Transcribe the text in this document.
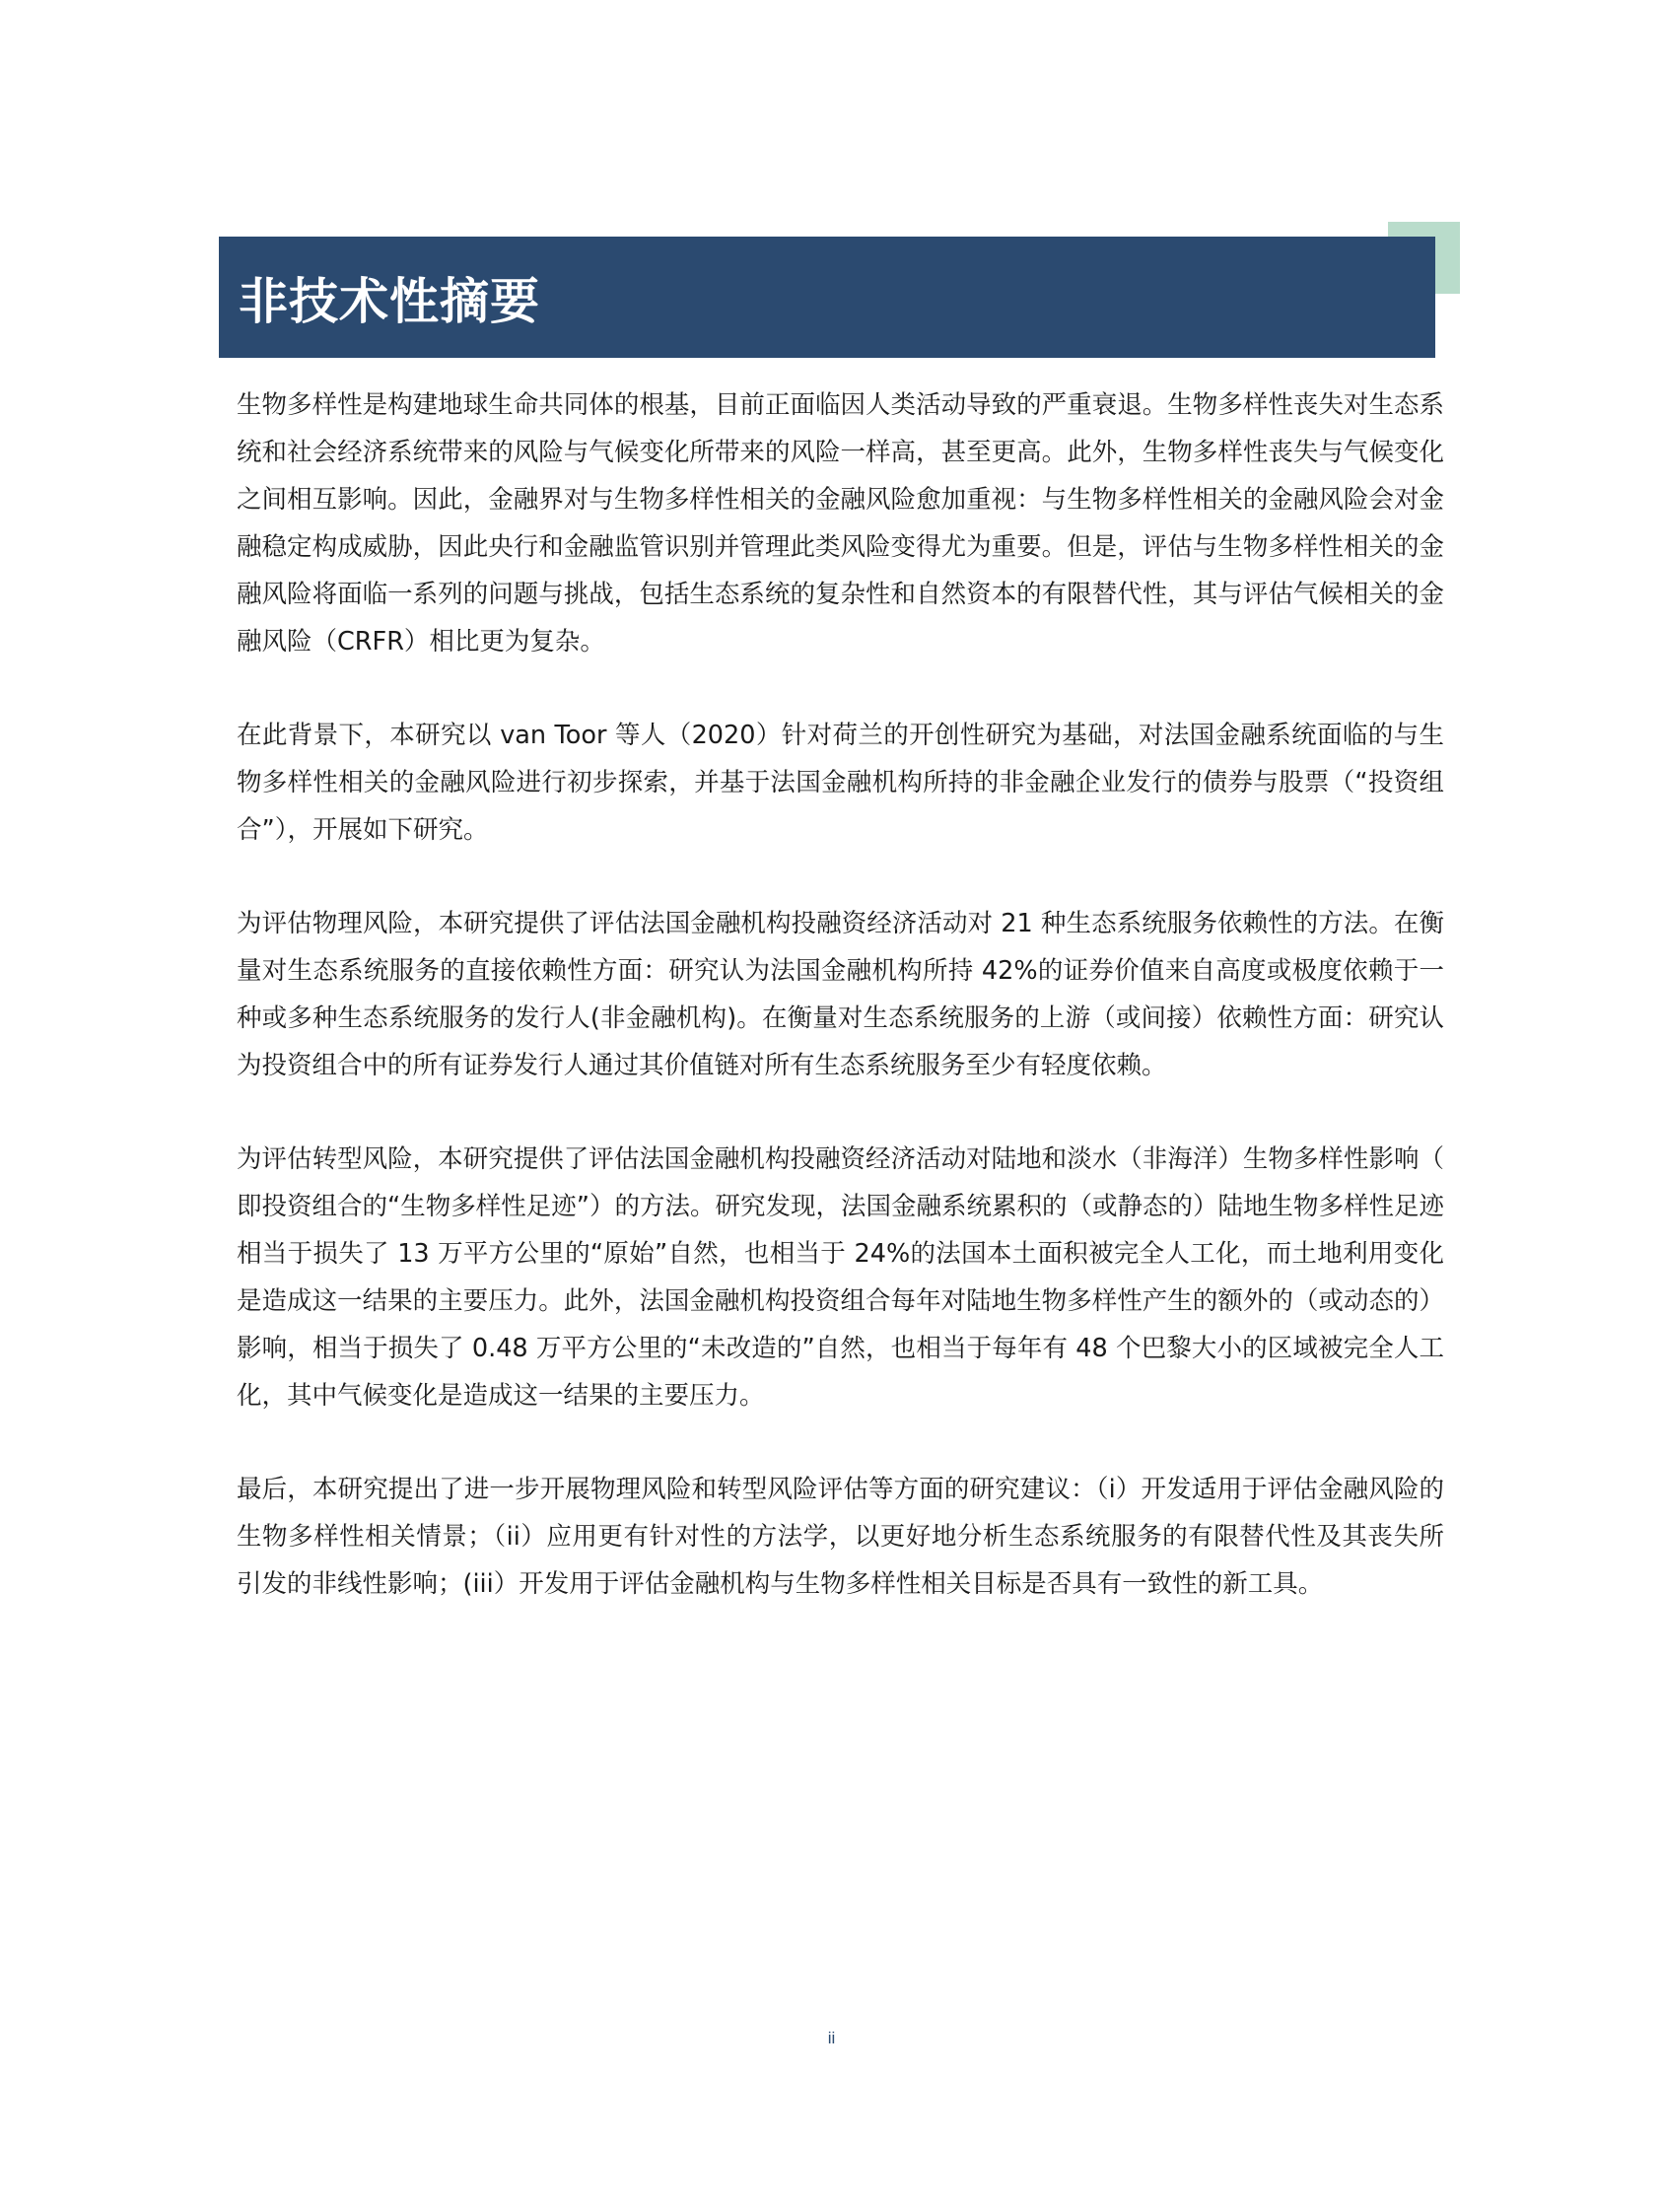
非技术性摘要

生物多样性是构建地球生命共同体的根基，目前正面临因人类活动导致的严重衰退。生物多样性丧失对生态系统和社会经济系统带来的风险与气候变化所带来的风险一样高，甚至更高。此外，生物多样性丧失与气候变化之间相互影响。因此，金融界对与生物多样性相关的金融风险愈加重视：与生物多样性相关的金融风险会对金融稳定构成威胁，因此央行和金融监管识别并管理此类风险变得尤为重要。但是，评估与生物多样性相关的金融风险将面临一系列的问题与挑战，包括生态系统的复杂性和自然资本的有限替代性，其与评估气候相关的金融风险（CRFR）相比更为复杂。

在此背景下，本研究以 van Toor 等人（2020）针对荷兰的开创性研究为基础，对法国金融系统面临的与生物多样性相关的金融风险进行初步探索，并基于法国金融机构所持的非金融企业发行的债券与股票（“投资组合”），开展如下研究。

为评估物理风险，本研究提供了评估法国金融机构投融资经济活动对 21 种生态系统服务依赖性的方法。在衡量对生态系统服务的直接依赖性方面：研究认为法国金融机构所持 42%的证券价值来自高度或极度依赖于一种或多种生态系统服务的发行人(非金融机构)。在衡量对生态系统服务的上游（或间接）依赖性方面：研究认为投资组合中的所有证券发行人通过其价值链对所有生态系统服务至少有轻度依赖。

为评估转型风险，本研究提供了评估法国金融机构投融资经济活动对陆地和淡水（非海洋）生物多样性影响（即投资组合的“生物多样性足迹”）的方法。研究发现，法国金融系统累积的（或静态的）陆地生物多样性足迹相当于损失了 13 万平方公里的“原始”自然，也相当于 24%的法国本土面积被完全人工化，而土地利用变化是造成这一结果的主要压力。此外，法国金融机构投资组合每年对陆地生物多样性产生的额外的（或动态的）影响，相当于损失了 0.48 万平方公里的“未改造的”自然，也相当于每年有 48 个巴黎大小的区域被完全人工化，其中气候变化是造成这一结果的主要压力。

最后，本研究提出了进一步开展物理风险和转型风险评估等方面的研究建议：（i）开发适用于评估金融风险的生物多样性相关情景；（ii）应用更有针对性的方法学，以更好地分析生态系统服务的有限替代性及其丧失所引发的非线性影响；(iii）开发用于评估金融机构与生物多样性相关目标是否具有一致性的新工具。

ii
